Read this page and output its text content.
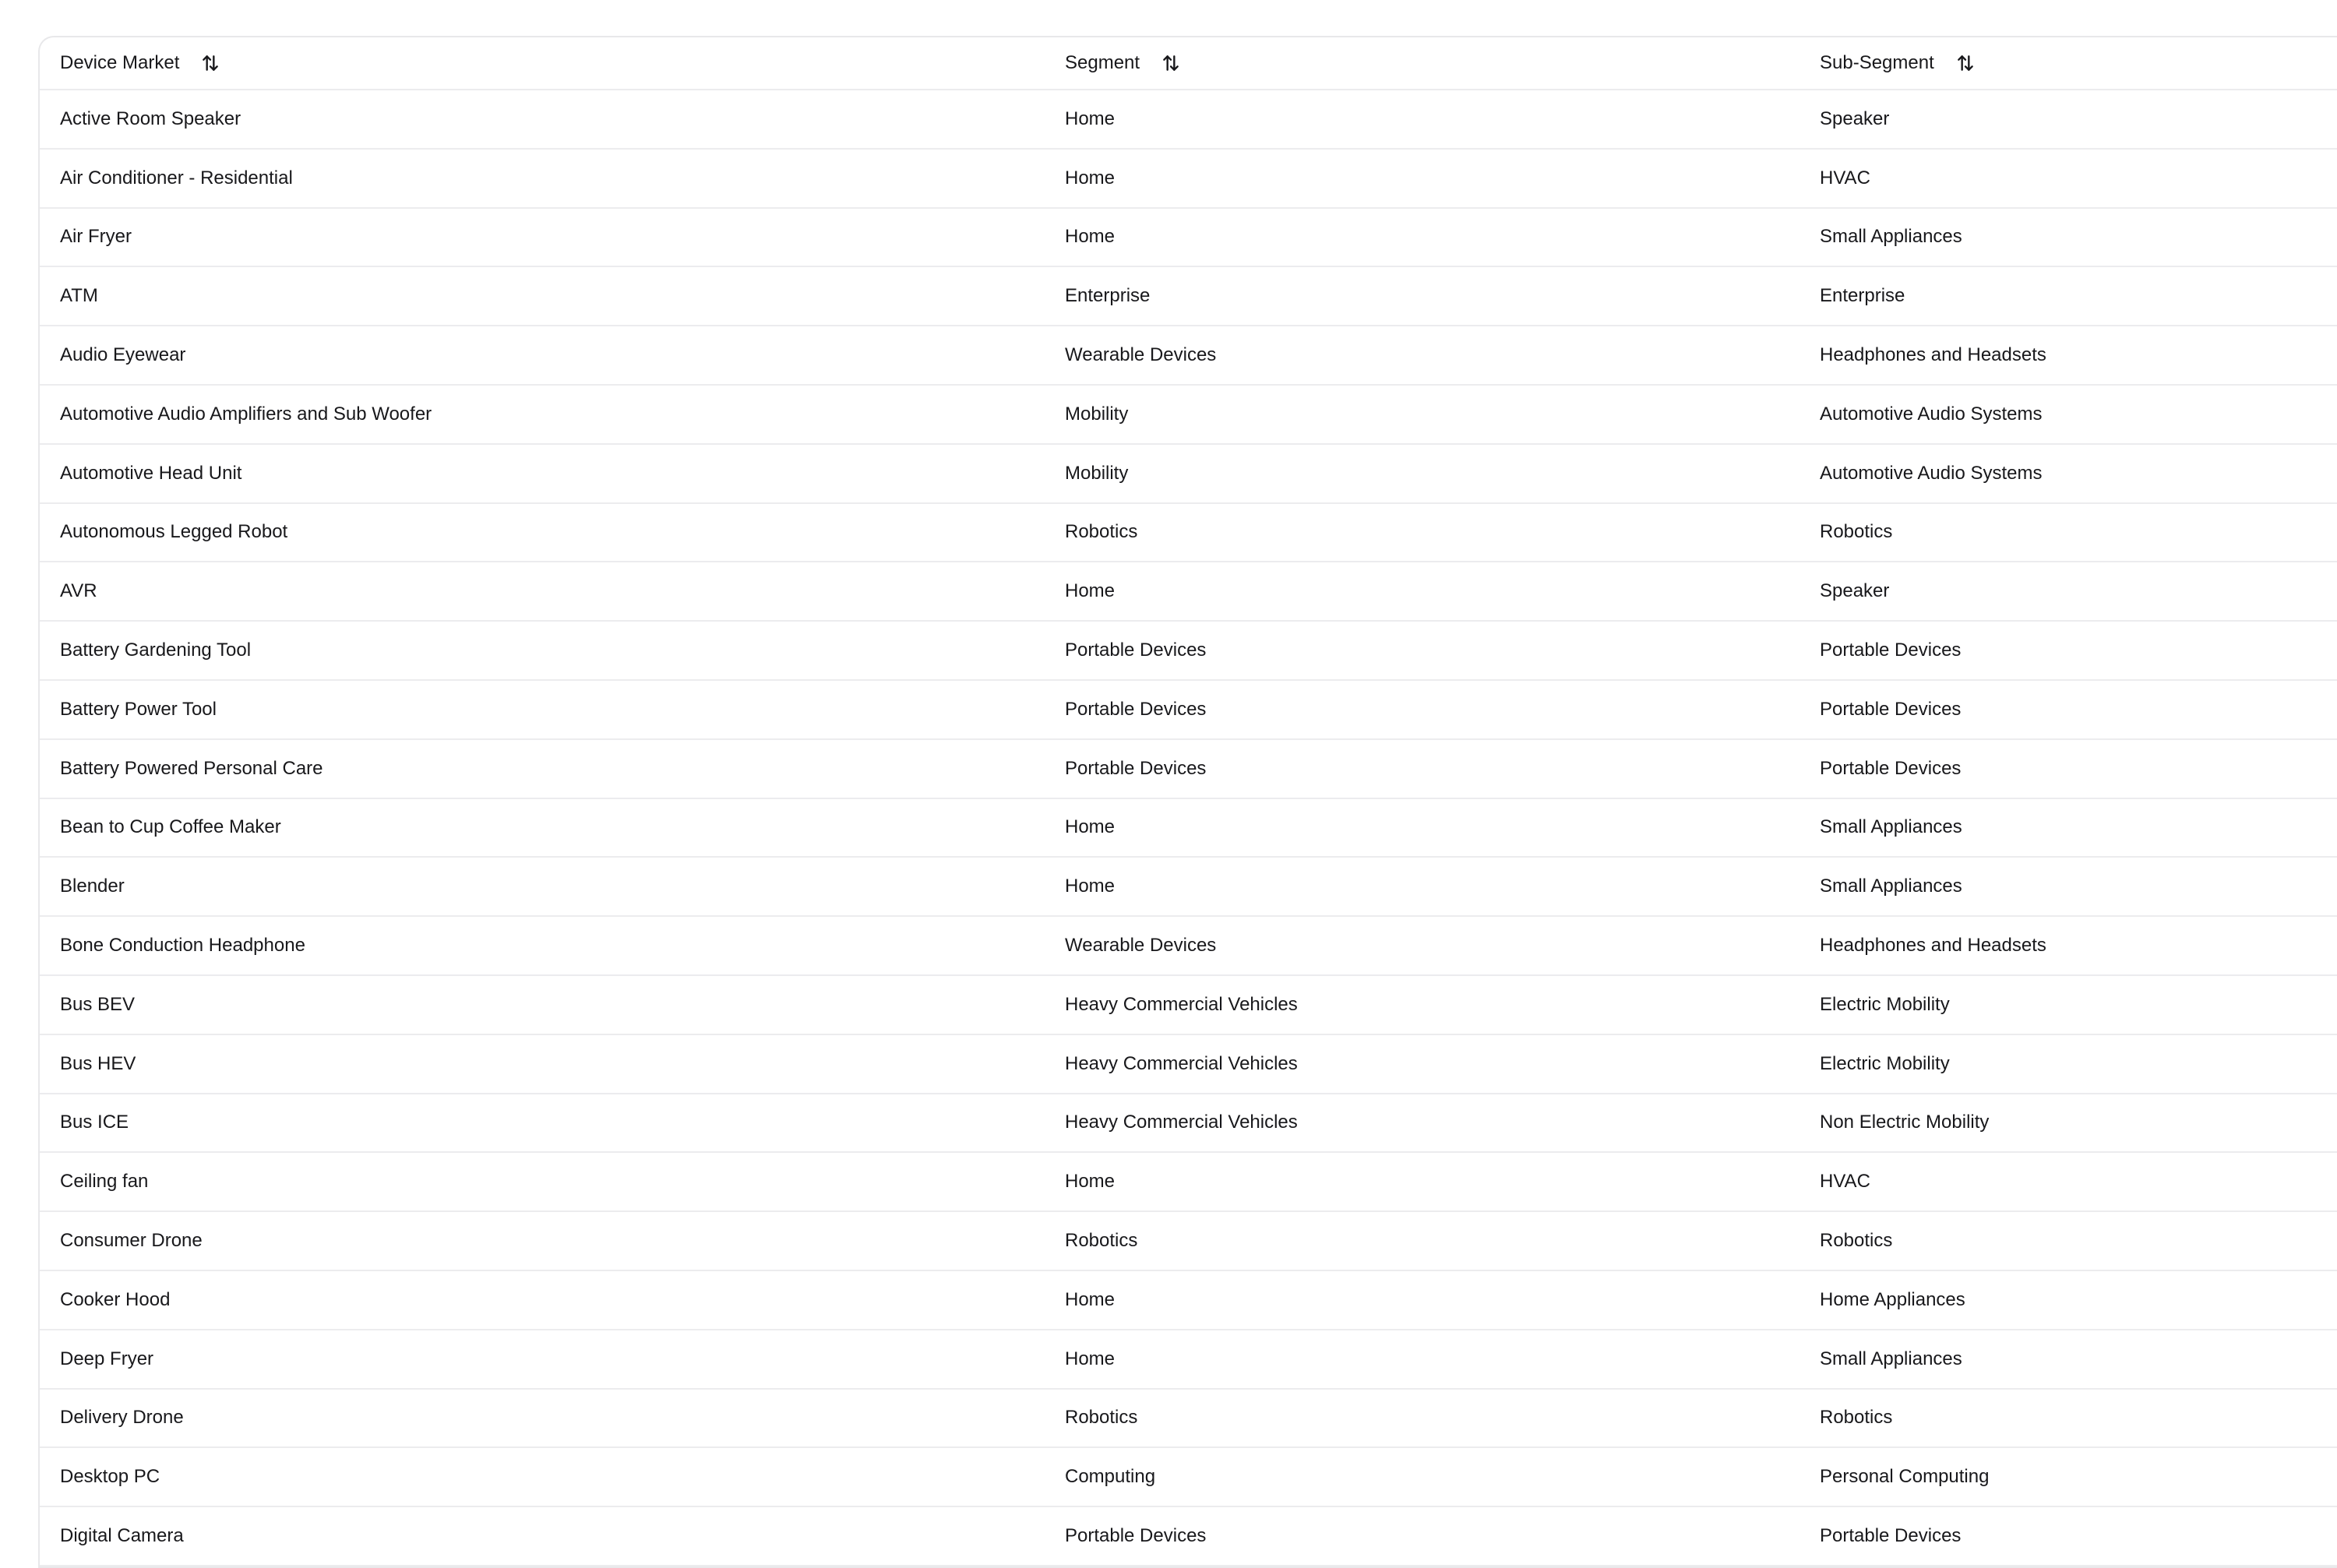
Device Market	Segment	Sub-Segment

Active Room Speaker	Home	Speaker
Air Conditioner - Residential	Home	HVAC
Air Fryer	Home	Small Appliances
ATM	Enterprise	Enterprise
Audio Eyewear	Wearable Devices	Headphones and Headsets
Automotive Audio Amplifiers and Sub Woofer	Mobility	Automotive Audio Systems
Automotive Head Unit	Mobility	Automotive Audio Systems
Autonomous Legged Robot	Robotics	Robotics
AVR	Home	Speaker
Battery Gardening Tool	Portable Devices	Portable Devices
Battery Power Tool	Portable Devices	Portable Devices
Battery Powered Personal Care	Portable Devices	Portable Devices
Bean to Cup Coffee Maker	Home	Small Appliances
Blender	Home	Small Appliances
Bone Conduction Headphone	Wearable Devices	Headphones and Headsets
Bus BEV	Heavy Commercial Vehicles	Electric Mobility
Bus HEV	Heavy Commercial Vehicles	Electric Mobility
Bus ICE	Heavy Commercial Vehicles	Non Electric Mobility
Ceiling fan	Home	HVAC
Consumer Drone	Robotics	Robotics
Cooker Hood	Home	Home Appliances
Deep Fryer	Home	Small Appliances
Delivery Drone	Robotics	Robotics
Desktop PC	Computing	Personal Computing
Digital Camera	Portable Devices	Portable Devices
